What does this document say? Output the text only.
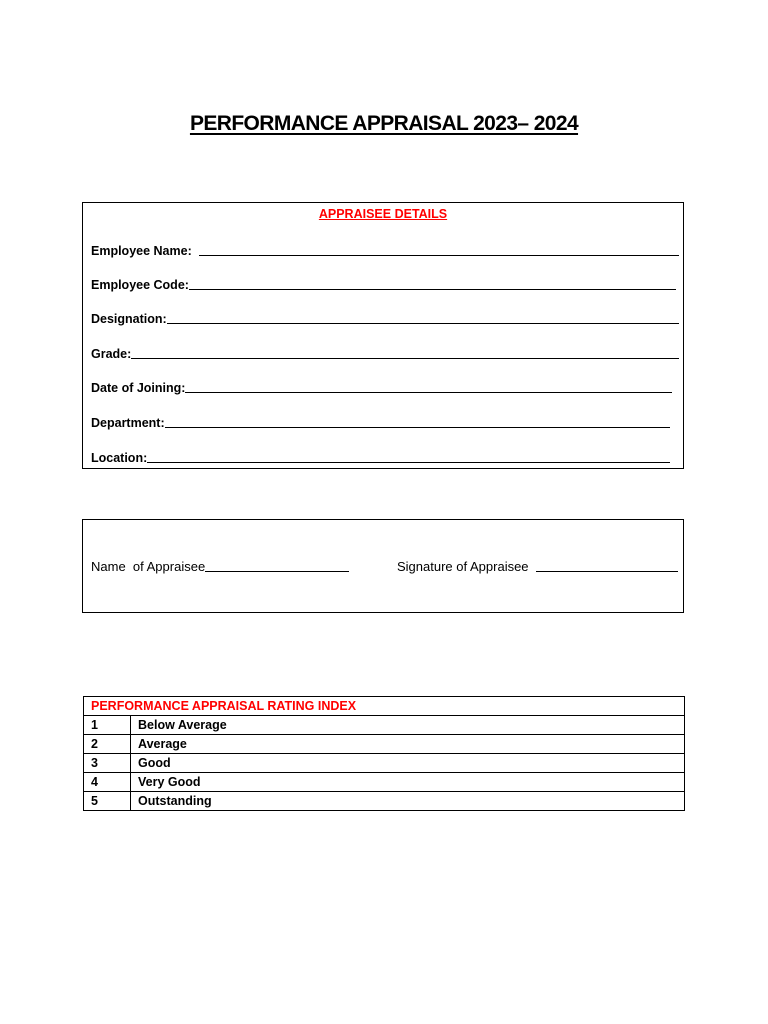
PERFORMANCE APPRAISAL 2023– 2024
APPRAISEE DETAILS
Employee Name:
Employee Code:
Designation:
Grade:
Date of Joining:
Department:
Location:
Name  of Appraisee	Signature of Appraisee
PERFORMANCE APPRAISAL RATING INDEX	
1	Below Average
2	Average
3	Good
4	Very Good
5	Outstanding
